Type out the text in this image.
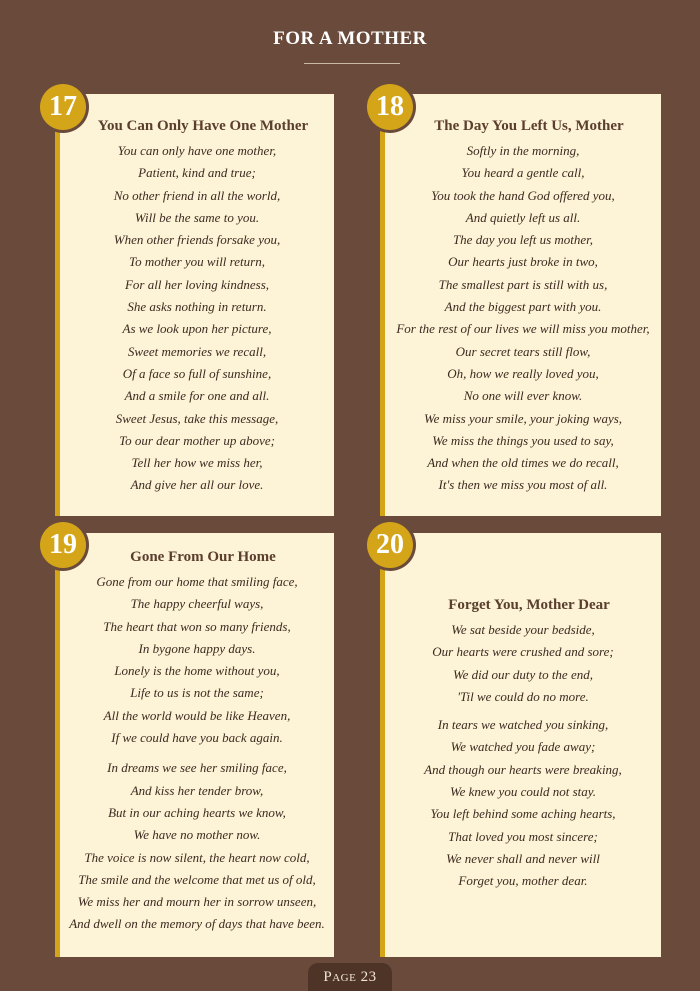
FOR A MOTHER
You Can Only Have One Mother
You can only have one mother,
Patient, kind and true;
No other friend in all the world,
Will be the same to you.
When other friends forsake you,
To mother you will return,
For all her loving kindness,
She asks nothing in return.
As we look upon her picture,
Sweet memories we recall,
Of a face so full of sunshine,
And a smile for one and all.
Sweet Jesus, take this message,
To our dear mother up above;
Tell her how we miss her,
And give her all our love.
17
The Day You Left Us, Mother
Softly in the morning,
You heard a gentle call,
You took the hand God offered you,
And quietly left us all.
The day you left us mother,
Our hearts just broke in two,
The smallest part is still with us,
And the biggest part with you.
For the rest of our lives we will miss you mother,
Our secret tears still flow,
Oh, how we really loved you,
No one will ever know.
We miss your smile, your joking ways,
We miss the things you used to say,
And when the old times we do recall,
It's then we miss you most of all.
18
Gone From Our Home
Gone from our home that smiling face,
The happy cheerful ways,
The heart that won so many friends,
In bygone happy days.
Lonely is the home without you,
Life to us is not the same;
All the world would be like Heaven,
If we could have you back again.
In dreams we see her smiling face,
And kiss her tender brow,
But in our aching hearts we know,
We have no mother now.
The voice is now silent, the heart now cold,
The smile and the welcome that met us of old,
We miss her and mourn her in sorrow unseen,
And dwell on the memory of days that have been.
19
Forget You, Mother Dear
We sat beside your bedside,
Our hearts were crushed and sore;
We did our duty to the end,
'Til we could do no more.
In tears we watched you sinking,
We watched you fade away;
And though our hearts were breaking,
We knew you could not stay.
You left behind some aching hearts,
That loved you most sincere;
We never shall and never will
Forget you, mother dear.
20
Page 23
